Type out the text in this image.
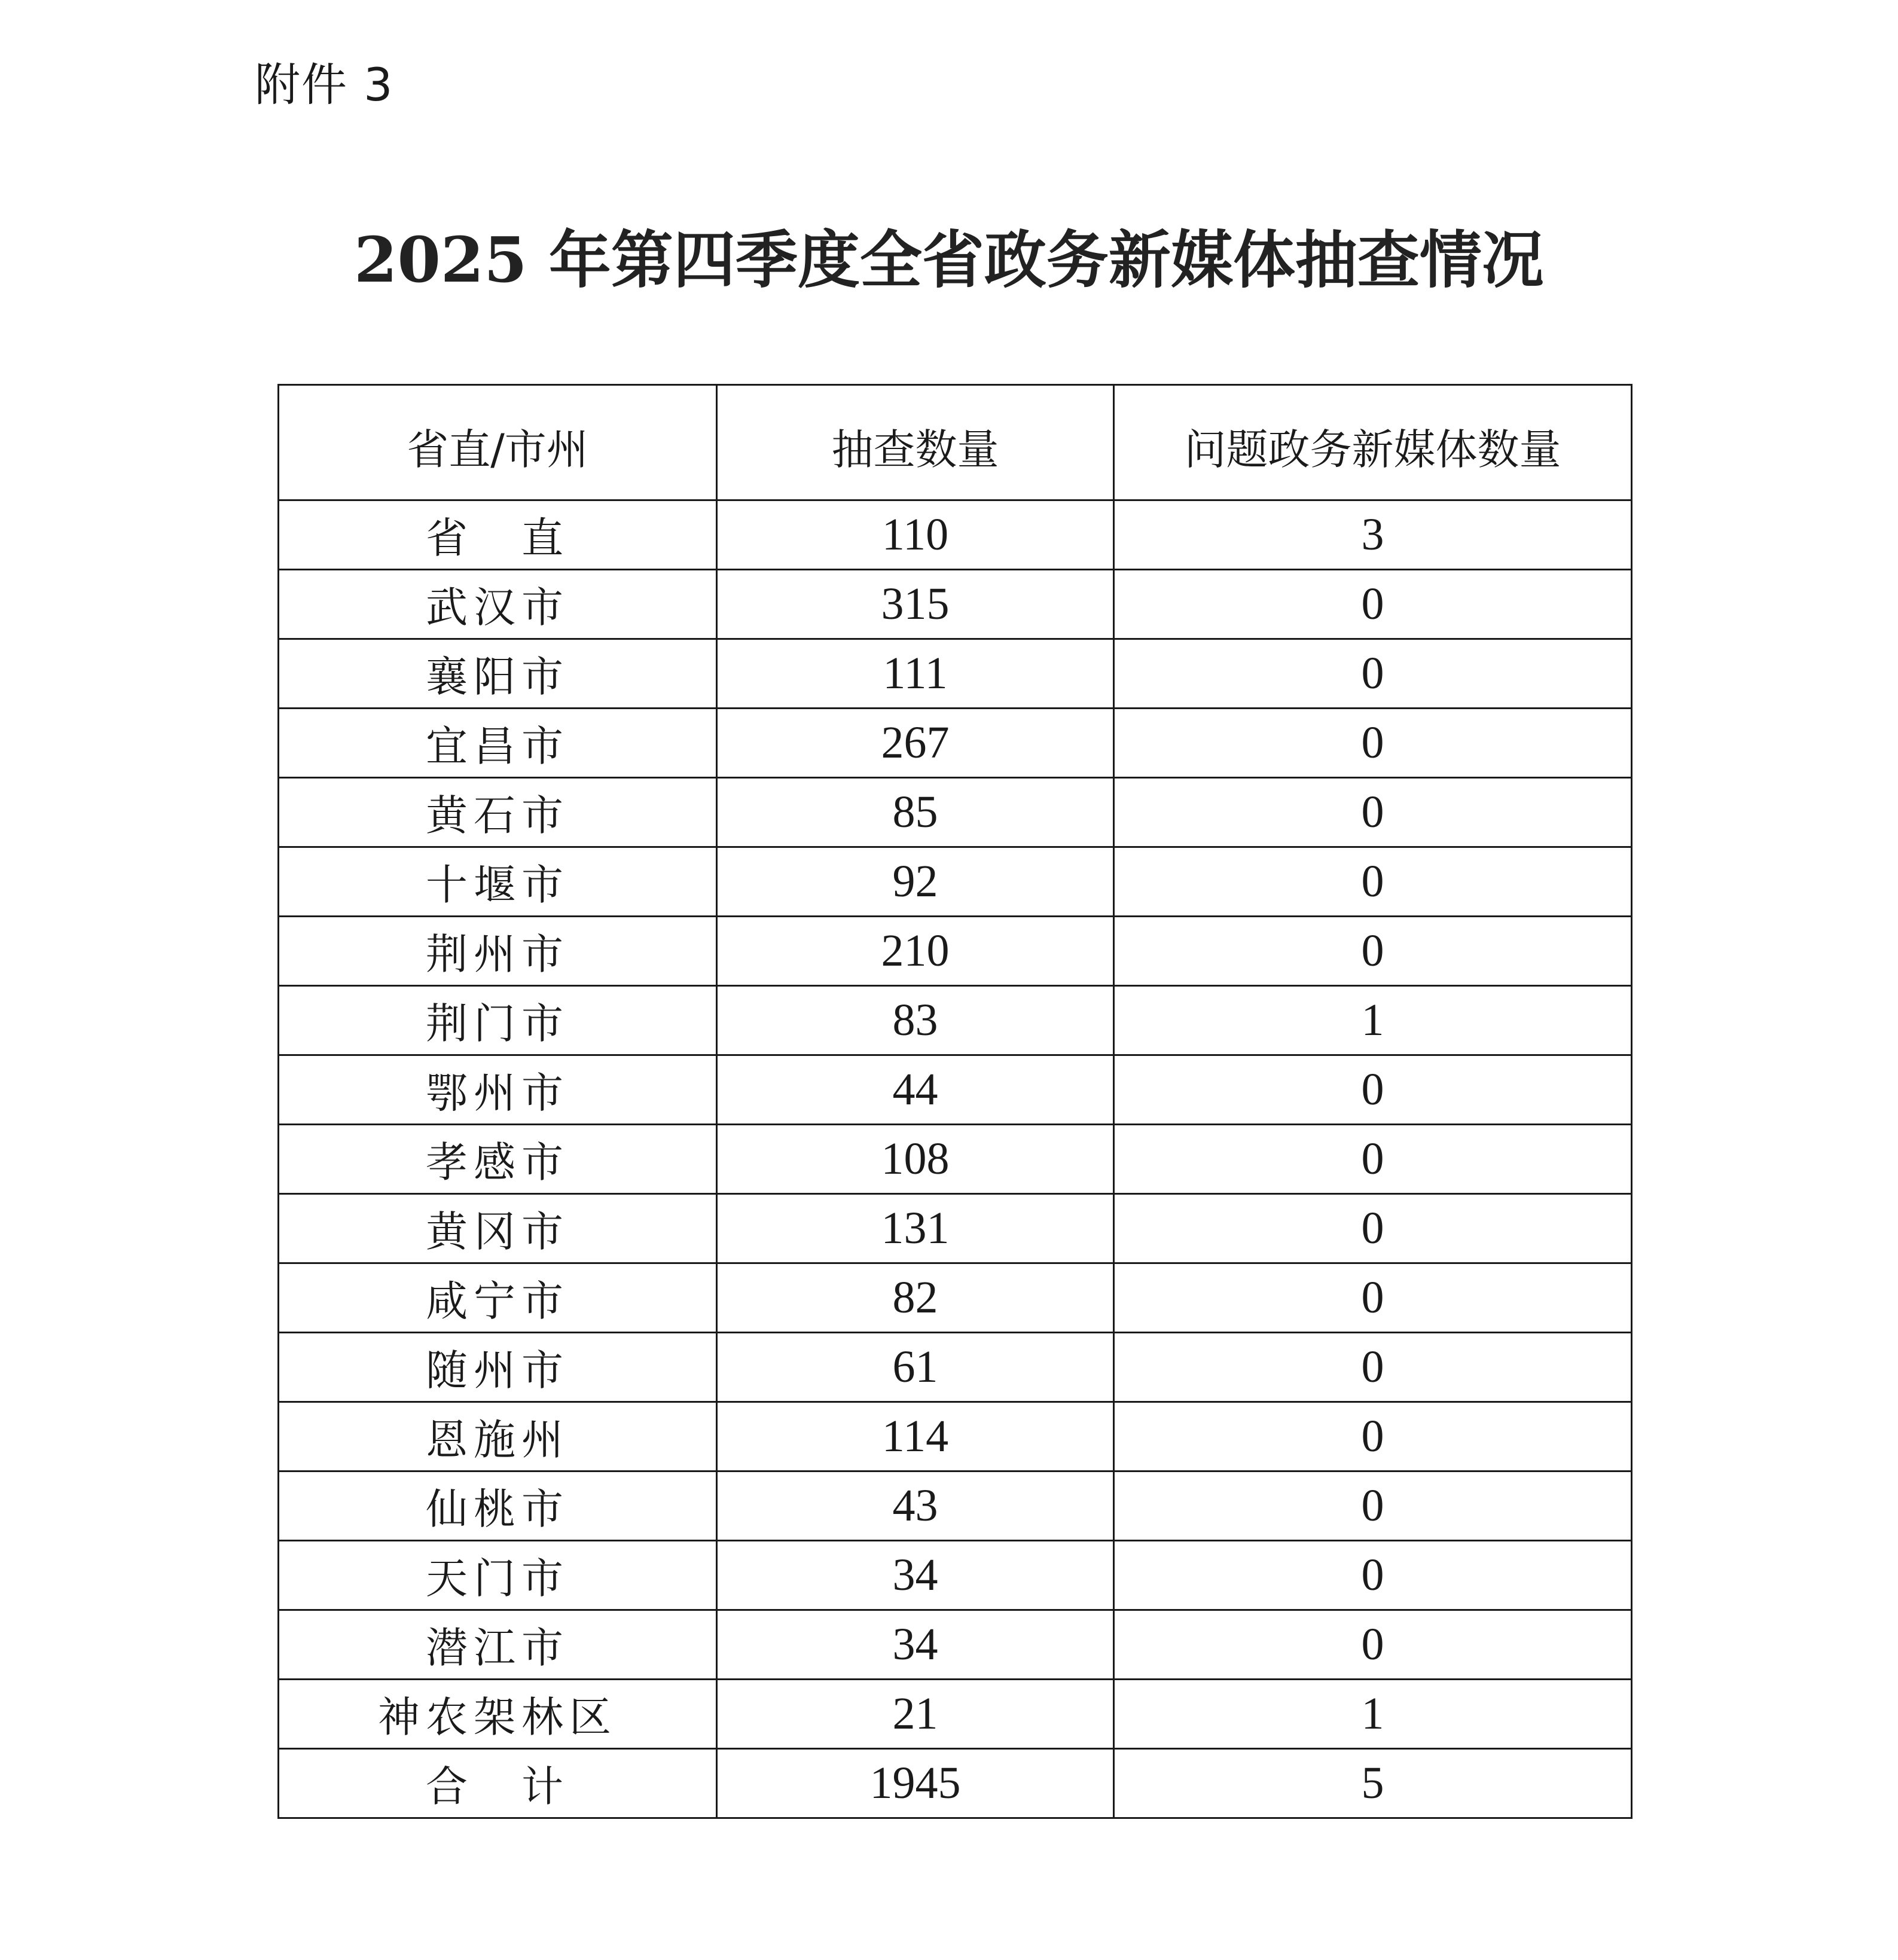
附件 3
2025 年第四季度全省政务新媒体抽查情况
省直/市州	抽查数量	问题政务新媒体数量
省　直	110	3
武汉市	315	0
襄阳市	111	0
宜昌市	267	0
黄石市	85	0
十堰市	92	0
荆州市	210	0
荆门市	83	1
鄂州市	44	0
孝感市	108	0
黄冈市	131	0
咸宁市	82	0
随州市	61	0
恩施州	114	0
仙桃市	43	0
天门市	34	0
潜江市	34	0
神农架林区	21	1
合　计	1945	5
